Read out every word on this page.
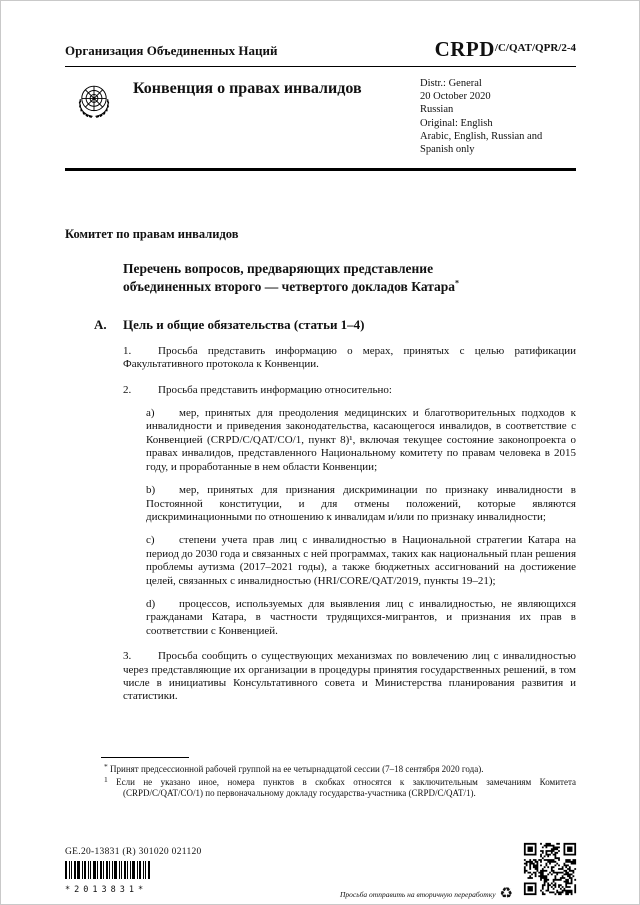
Организация Объединенных Наций	$CRPD^{/C/QAT/QPR/2-4}$
Конвенция о правах инвалидов	Distr.: General
20 October 2020
Russian
Original: English
Arabic, English, Russian and Spanish only

Комитет по правам инвалидов

Перечень вопросов, предваряющих представление объединенных второго — четвертого докладов Катара*
A.	Цель и общие обязательства (статьи 1–4)

1. Просьба представить информацию о мерах, принятых с целью ратификации Факультативного протокола к Конвенции.

2. Просьба представить информацию относительно:

a) мер, принятых для преодоления медицинских и благотворительных подходов к инвалидности и приведения законодательства, касающегося инвалидов, в соответствие с Конвенцией (CRPD/C/QAT/CO/1, пункт 8)¹, включая текущее состояние законопроекта о правах инвалидов, представленного Национальному комитету по правам человека в 2015 году, и проработанные в нем области Конвенции;

b) мер, принятых для признания дискриминации по признаку инвалидности в Постоянной конституции, и для отмены положений, которые являются дискриминационными по отношению к инвалидам и/или по признаку инвалидности;

c) степени учета прав лиц с инвалидностью в Национальной стратегии Катара на период до 2030 года и связанных с ней программах, таких как национальный план решения проблемы аутизма (2017–2021 годы), а также бюджетных ассигнований на достижение целей, связанных с инвалидностью (HRI/CORE/QAT/2019, пункты 19–21);

d) процессов, используемых для выявления лиц с инвалидностью, не являющихся гражданами Катара, в частности трудящихся-мигрантов, и признания их прав в соответствии с Конвенцией.

3. Просьба сообщить о существующих механизмах по вовлечению лиц с инвалидностью через представляющие их организации в процедуры принятия государственных решений, в том числе в инициативы Консультативного совета и Министерства планирования развития и статистики.

* Принят предсессионной рабочей группой на ее четырнадцатой сессии (7–18 сентября 2020 года).

$^1$ Если не указано иное, номера пунктов в скобках относятся к заключительным замечаниям Комитета (CRPD/C/QAT/CO/1) по первоначальному докладу государства-участника (CRPD/C/QAT/1).

GE.20-13831 (R) 301020 021120
*2013831*	Просьба отправить на вторичную переработку ♻
